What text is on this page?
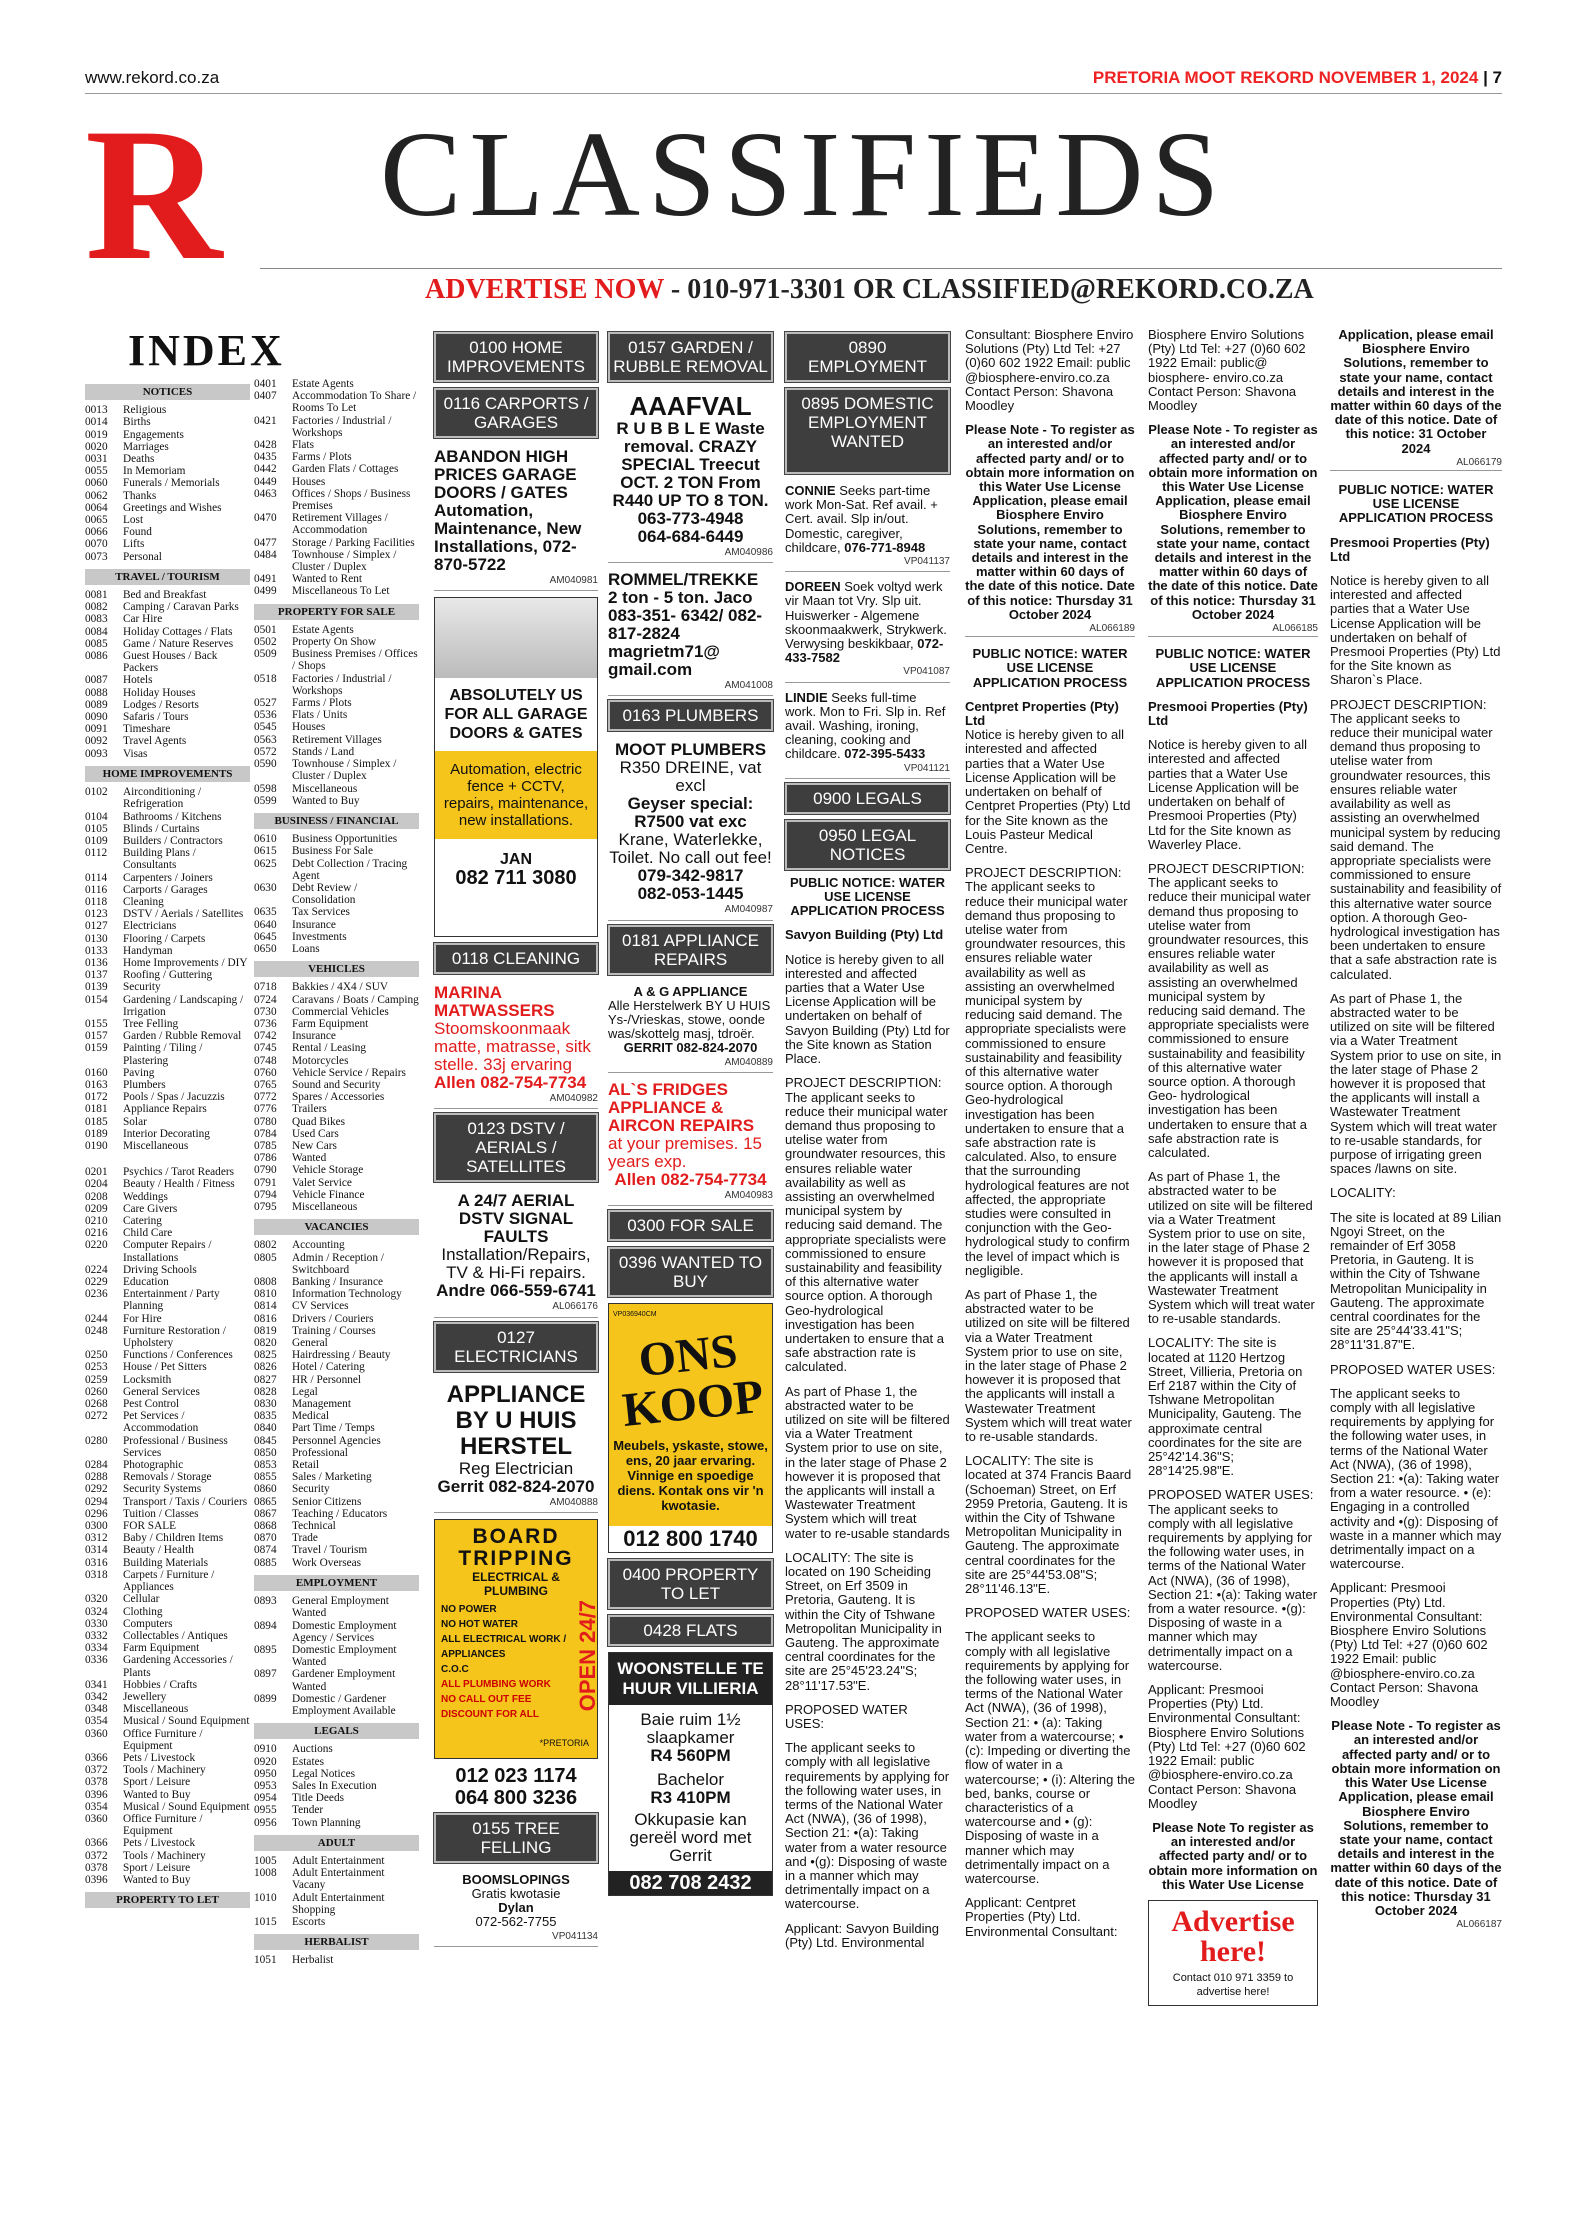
www.rekord.co.za	PRETORIA MOOT REKORD NOVEMBER 1, 2024 | 7
R CLASSIFIEDS
ADVERTISE NOW - 010-971-3301 OR CLASSIFIED@REKORD.CO.ZA
INDEX
NOTICES
0013	Religious
0014	Births
0019	Engagements
0020	Marriages
0031	Deaths
0055	In Memoriam
0060	Funerals / Memorials
0062	Thanks
0064	Greetings and Wishes
0065	Lost
0066	Found
0070	Lifts
0073	Personal
TRAVEL / TOURISM
0081	Bed and Breakfast
0082	Camping / Caravan Parks
0083	Car Hire
0084	Holiday Cottages / Flats
0085	Game / Nature Reserves
0086	Guest Houses / Back Packers
0087	Hotels
0088	Holiday Houses
0089	Lodges / Resorts
0090	Safaris / Tours
0091	Timeshare
0092	Travel Agents
0093	Visas
HOME IMPROVEMENTS
0102	Airconditioning / Refrigeration
0104	Bathrooms / Kitchens
0105	Blinds / Curtains
0109	Builders / Contractors
0112	Building Plans / Consultants
0114	Carpenters / Joiners
0116	Carports / Garages
0118	Cleaning
0123	DSTV / Aerials / Satellites
0127	Electricians
0130	Flooring / Carpets
0133	Handyman
0136	Home Improvements / DIY
0137	Roofing / Guttering
0139	Security
0154	Gardening / Landscaping / Irrigation
0155	Tree Felling
0157	Garden / Rubble Removal
0159	Painting / Tiling / Plastering
0160	Paving
0163	Plumbers
0172	Pools / Spas / Jacuzzis
0181	Appliance Repairs
0185	Solar
0189	Interior Decorating
0190	Miscellaneous
0201	Psychics / Tarot Readers
0204	Beauty / Health / Fitness
0208	Weddings
0209	Care Givers
0210	Catering
0216	Child Care
0220	Computer Repairs / Installations
0224	Driving Schools
0229	Education
0236	Entertainment / Party Planning
0244	For Hire
0248	Furniture Restoration / Upholstery
0250	Functions / Conferences
0253	House / Pet Sitters
0259	Locksmith
0260	General Services
0268	Pest Control
0272	Pet Services / Accommodation
0280	Professional / Business Services
0284	Photographic
0288	Removals / Storage
0292	Security Systems
0294	Transport / Taxis / Couriers
0296	Tuition / Classes
0300	FOR SALE
0312	Baby / Children Items
0314	Beauty / Health
0316	Building Materials
0318	Carpets / Furniture / Appliances
0320	Cellular
0324	Clothing
0330	Computers
0332	Collectables / Antiques
0334	Farm Equipment
0336	Gardening Accessories / Plants
0341	Hobbies / Crafts
0342	Jewellery
0348	Miscellaneous
0354	Musical / Sound Equipment
0360	Office Furniture / Equipment
0366	Pets / Livestock
0372	Tools / Machinery
0378	Sport / Leisure
0396	Wanted to Buy
0354	Musical / Sound Equipment
0360	Office Furniture / Equipment
0366	Pets / Livestock
0372	Tools / Machinery
0378	Sport / Leisure
0396	Wanted to Buy
PROPERTY TO LET
0401	Estate Agents
0407	Accommodation To Share / Rooms To Let
0421	Factories / Industrial / Workshops
0428	Flats
0435	Farms / Plots
0442	Garden Flats / Cottages
0449	Houses
0463	Offices / Shops / Business Premises
0470	Retirement Villages / Accommodation
0477	Storage / Parking Facilities
0484	Townhouse / Simplex / Cluster / Duplex
0491	Wanted to Rent
0499	Miscellaneous To Let
PROPERTY FOR SALE
0501	Estate Agents
0502	Property On Show
0509	Business Premises / Offices / Shops
0518	Factories / Industrial / Workshops
0527	Farms / Plots
0536	Flats / Units
0545	Houses
0563	Retirement Villages
0572	Stands / Land
0590	Townhouse / Simplex / Cluster / Duplex
0598	Miscellaneous
0599	Wanted to Buy
BUSINESS / FINANCIAL
0610	Business Opportunities
0615	Business For Sale
0625	Debt Collection / Tracing Agent
0630	Debt Review / Consolidation
0635	Tax Services
0640	Insurance
0645	Investments
0650	Loans
VEHICLES
0718	Bakkies / 4X4 / SUV
0724	Caravans / Boats / Camping
0730	Commercial Vehicles
0736	Farm Equipment
0742	Insurance
0745	Rental / Leasing
0748	Motorcycles
0760	Vehicle Service / Repairs
0765	Sound and Security
0772	Spares / Accessories
0776	Trailers
0780	Quad Bikes
0784	Used Cars
0785	New Cars
0786	Wanted
0790	Vehicle Storage
0791	Valet Service
0794	Vehicle Finance
0795	Miscellaneous
VACANCIES
0802	Accounting
0805	Admin / Reception / Switchboard
0808	Banking / Insurance
0810	Information Technology
0814	CV Services
0816	Drivers / Couriers
0819	Training / Courses
0820	General
0825	Hairdressing / Beauty
0826	Hotel / Catering
0827	HR / Personnel
0828	Legal
0830	Management
0835	Medical
0840	Part Time / Temps
0845	Personnel Agencies
0850	Professional
0853	Retail
0855	Sales / Marketing
0860	Security
0865	Senior Citizens
0867	Teaching / Educators
0868	Technical
0870	Trade
0874	Travel / Tourism
0885	Work Overseas
EMPLOYMENT
0893	General Employment Wanted
0894	Domestic Employment Agency / Services
0895	Domestic Employment Wanted
0897	Gardener Employment Wanted
0899	Domestic / Gardener Employment Available
LEGALS
0910	Auctions
0920	Estates
0950	Legal Notices
0953	Sales In Execution
0954	Title Deeds
0955	Tender
0956	Town Planning
ADULT
1005	Adult Entertainment
1008	Adult Entertainment Vacany
1010	Adult Entertainment Shopping
1015	Escorts
HERBALIST
1051	Herbalist
0100 HOME IMPROVEMENTS
0116 CARPORTS / GARAGES
ABANDON HIGH PRICES GARAGE DOORS / GATES Automation, Maintenance, New Installations, 072-870-5722
AM040981
ABSOLUTELY US FOR ALL GARAGE DOORS & GATES
Automation, electric fence + CCTV, repairs, maintenance, new installations.
JAN
082 711 3080
0118 CLEANING
MARINA MATWASSERS
Stoomskoonmaak matte, matrasse, sitk stelle. 33j ervaring
Allen 082-754-7734
AM040982
0123 DSTV / AERIALS / SATELLITES
A 24/7 AERIAL DSTV SIGNAL FAULTS
Installation/Repairs, TV & Hi-Fi repairs.
Andre 066-559-6741
AL066176
0127 ELECTRICIANS
APPLIANCE BY U HUIS HERSTEL
Reg Electrician
Gerrit 082-824-2070
AM040888
BOARD TRIPPING
ELECTRICAL & PLUMBING
NO POWER
NO HOT WATER
ALL ELECTRICAL WORK / APPLIANCES
C.O.C
ALL PLUMBING WORK
NO CALL OUT FEE
DISCOUNT FOR ALL
OPEN 24/7
*PRETORIA
012 023 1174
064 800 3236
0155 TREE FELLING
BOOMSLOPINGS
Gratis kwotasie
Dylan
072-562-7755
VP041134
0157 GARDEN / RUBBLE REMOVAL
AAAFVAL
R U B B L E Waste removal. CRAZY SPECIAL Treecut OCT. 2 TON From R440 UP TO 8 TON.
063-773-4948
064-684-6449
AM040986
ROMMEL/TREKKE
2 ton - 5 ton. Jaco 083-351- 6342/ 082-817-2824 magrietm71@ gmail.com
AM041008
0163 PLUMBERS
MOOT PLUMBERS
R350 DREINE, vat excl
Geyser special: R7500 vat exc
Krane, Waterlekke, Toilet. No call out fee!
079-342-9817
082-053-1445
AM040987
0181 APPLIANCE REPAIRS
A & G APPLIANCE
Alle Herstelwerk BY U HUIS Ys-/Vrieskas, stowe, oonde was/skottelg masj, tdroër.
GERRIT 082-824-2070
AM040889
AL`S FRIDGES APPLIANCE & AIRCON REPAIRS
at your premises. 15 years exp.
Allen 082-754-7734
AM040983
0300 FOR SALE
0396 WANTED TO BUY
VP036940CM
ONS KOOP
Meubels, yskaste, stowe, ens, 20 jaar ervaring. Vinnige en spoedige diens. Kontak ons vir 'n kwotasie.
012 800 1740
0400 PROPERTY TO LET
0428 FLATS
WOONSTELLE TE HUUR VILLIERIA
Baie ruim 1½ slaapkamer
R4 560PM
Bachelor
R3 410PM
Okkupasie kan gereël word met Gerrit
082 708 2432
0890 EMPLOYMENT
0895 DOMESTIC EMPLOYMENT WANTED
CONNIE Seeks part-time work Mon-Sat. Ref avail. + Cert. avail. Slp in/out. Domestic, caregiver, childcare, 076-771-8948
VP041137
DOREEN Soek voltyd werk vir Maan tot Vry. Slp uit. Huiswerker - Algemene skoonmaakwerk, Strykwerk. Verwysing beskikbaar, 072-433-7582
VP041087
LINDIE Seeks full-time work. Mon to Fri. Slp in. Ref avail. Washing, ironing, cleaning, cooking and childcare. 072-395-5433
VP041121
0900 LEGALS
0950 LEGAL NOTICES
PUBLIC NOTICE: WATER USE LICENSE APPLICATION PROCESS
Savyon Building (Pty) Ltd
Notice is hereby given to all interested and affected parties that a Water Use License Application will be undertaken on behalf of Savyon Building (Pty) Ltd for the Site known as Station Place.
PROJECT DESCRIPTION: The applicant seeks to reduce their municipal water demand thus proposing to utelise water from groundwater resources, this ensures reliable water availability as well as assisting an overwhelmed municipal system by reducing said demand. The appropriate specialists were commissioned to ensure sustainability and feasibility of this alternative water source option. A thorough Geo-hydrological investigation has been undertaken to ensure that a safe abstraction rate is calculated.
As part of Phase 1, the abstracted water to be utilized on site will be filtered via a Water Treatment System prior to use on site, in the later stage of Phase 2 however it is proposed that the applicants will install a Wastewater Treatment System which will treat water to re-usable standards
LOCALITY: The site is located on 190 Scheiding Street, on Erf 3509 in Pretoria, Gauteng. It is within the City of Tshwane Metropolitan Municipality in Gauteng. The approximate central coordinates for the site are 25°45'23.24"S; 28°11'17.53"E.
PROPOSED WATER USES:
The applicant seeks to comply with all legislative requirements by applying for the following water uses, in terms of the National Water Act (NWA), (36 of 1998), Section 21: •(a): Taking water from a water resource and •(g): Disposing of waste in a manner which may detrimentally impact on a watercourse.
Applicant: Savyon Building (Pty) Ltd. Environmental
Consultant: Biosphere Enviro Solutions (Pty) Ltd Tel: +27 (0)60 602 1922 Email: public @biosphere-enviro.co.za Contact Person: Shavona Moodley
Please Note - To register as an interested and/or affected party and/ or to obtain more information on this Water Use License Application, please email Biosphere Enviro Solutions, remember to state your name, contact details and interest in the matter within 60 days of the date of this notice. Date of this notice: Thursday 31 October 2024
AL066189
PUBLIC NOTICE: WATER USE LICENSE APPLICATION PROCESS
Centpret Properties (Pty) Ltd
Notice is hereby given to all interested and affected parties that a Water Use License Application will be undertaken on behalf of Centpret Properties (Pty) Ltd for the Site known as the Louis Pasteur Medical Centre.
PROJECT DESCRIPTION: The applicant seeks to reduce their municipal water demand thus proposing to utelise water from groundwater resources, this ensures reliable water availability as well as assisting an overwhelmed municipal system by reducing said demand. The appropriate specialists were commissioned to ensure sustainability and feasibility of this alternative water source option. A thorough Geo-hydrological investigation has been undertaken to ensure that a safe abstraction rate is calculated. Also, to ensure that the surrounding hydrological features are not affected, the appropriate studies were consulted in conjunction with the Geo- hydrological study to confirm the level of impact which is negligible.
As part of Phase 1, the abstracted water to be utilized on site will be filtered via a Water Treatment System prior to use on site, in the later stage of Phase 2 however it is proposed that the applicants will install a Wastewater Treatment System which will treat water to re-usable standards.
LOCALITY: The site is located at 374 Francis Baard (Schoeman) Street, on Erf 2959 Pretoria, Gauteng. It is within the City of Tshwane Metropolitan Municipality in Gauteng. The approximate central coordinates for the site are 25°44'53.08"S; 28°11'46.13"E.
PROPOSED WATER USES:
The applicant seeks to comply with all legislative requirements by applying for the following water uses, in terms of the National Water Act (NWA), (36 of 1998), Section 21: • (a): Taking water from a watercourse; • (c): Impeding or diverting the flow of water in a watercourse; • (i): Altering the bed, banks, course or characteristics of a watercourse and • (g): Disposing of waste in a manner which may detrimentally impact on a watercourse.
Applicant: Centpret Properties (Pty) Ltd. Environmental Consultant:
Biosphere Enviro Solutions (Pty) Ltd Tel: +27 (0)60 602 1922 Email: public@ biosphere- enviro.co.za Contact Person: Shavona Moodley
Please Note - To register as an interested and/or affected party and/ or to obtain more information on this Water Use License Application, please email Biosphere Enviro Solutions, remember to state your name, contact details and interest in the matter within 60 days of the date of this notice. Date of this notice: Thursday 31 October 2024
AL066185
PUBLIC NOTICE: WATER USE LICENSE APPLICATION PROCESS
Presmooi Properties (Pty) Ltd
Notice is hereby given to all interested and affected parties that a Water Use License Application will be undertaken on behalf of Presmooi Properties (Pty) Ltd for the Site known as Waverley Place.
PROJECT DESCRIPTION: The applicant seeks to reduce their municipal water demand thus proposing to utelise water from groundwater resources, this ensures reliable water availability as well as assisting an overwhelmed municipal system by reducing said demand. The appropriate specialists were commissioned to ensure sustainability and feasibility of this alternative water source option. A thorough Geo- hydrological investigation has been undertaken to ensure that a safe abstraction rate is calculated.
As part of Phase 1, the abstracted water to be utilized on site will be filtered via a Water Treatment System prior to use on site, in the later stage of Phase 2 however it is proposed that the applicants will install a Wastewater Treatment System which will treat water to re-usable standards.
LOCALITY: The site is located at 1120 Hertzog Street, Villieria, Pretoria on Erf 2187 within the City of Tshwane Metropolitan Municipality, Gauteng. The approximate central coordinates for the site are 25°42'14.36"S; 28°14'25.98"E.
PROPOSED WATER USES: The applicant seeks to comply with all legislative requirements by applying for the following water uses, in terms of the National Water Act (NWA), (36 of 1998), Section 21: •(a): Taking water from a water resource. •(g): Disposing of waste in a manner which may detrimentally impact on a watercourse.
Applicant: Presmooi Properties (Pty) Ltd. Environmental Consultant: Biosphere Enviro Solutions (Pty) Ltd Tel: +27 (0)60 602 1922 Email: public @biosphere-enviro.co.za Contact Person: Shavona Moodley
Please Note To register as an interested and/or affected party and/ or to obtain more information on this Water Use License
Advertise here!
Contact 010 971 3359 to advertise here!
Application, please email Biosphere Enviro Solutions, remember to state your name, contact details and interest in the matter within 60 days of the date of this notice. Date of this notice: 31 October 2024
AL066179
PUBLIC NOTICE: WATER USE LICENSE APPLICATION PROCESS
Presmooi Properties (Pty) Ltd
Notice is hereby given to all interested and affected parties that a Water Use License Application will be undertaken on behalf of Presmooi Properties (Pty) Ltd for the Site known as Sharon`s Place.
PROJECT DESCRIPTION: The applicant seeks to reduce their municipal water demand thus proposing to utelise water from groundwater resources, this ensures reliable water availability as well as assisting an overwhelmed municipal system by reducing said demand. The appropriate specialists were commissioned to ensure sustainability and feasibility of this alternative water source option. A thorough Geo- hydrological investigation has been undertaken to ensure that a safe abstraction rate is calculated.
As part of Phase 1, the abstracted water to be utilized on site will be filtered via a Water Treatment System prior to use on site, in the later stage of Phase 2 however it is proposed that the applicants will install a Wastewater Treatment System which will treat water to re-usable standards, for purpose of irrigating green spaces /lawns on site.
LOCALITY:
The site is located at 89 Lilian Ngoyi Street, on the remainder of Erf 3058 Pretoria, in Gauteng. It is within the City of Tshwane Metropolitan Municipality in Gauteng. The approximate central coordinates for the site are 25°44'33.41"S; 28°11'31.87"E.
PROPOSED WATER USES:
The applicant seeks to comply with all legislative requirements by applying for the following water uses, in terms of the National Water Act (NWA), (36 of 1998), Section 21: •(a): Taking water from a water resource. • (e): Engaging in a controlled activity and •(g): Disposing of waste in a manner which may detrimentally impact on a watercourse.
Applicant: Presmooi Properties (Pty) Ltd. Environmental Consultant: Biosphere Enviro Solutions (Pty) Ltd Tel: +27 (0)60 602 1922 Email: public @biosphere-enviro.co.za Contact Person: Shavona Moodley
Please Note - To register as an interested and/or affected party and/ or to obtain more information on this Water Use License Application, please email Biosphere Enviro Solutions, remember to state your name, contact details and interest in the matter within 60 days of the date of this notice. Date of this notice: Thursday 31 October 2024
AL066187
